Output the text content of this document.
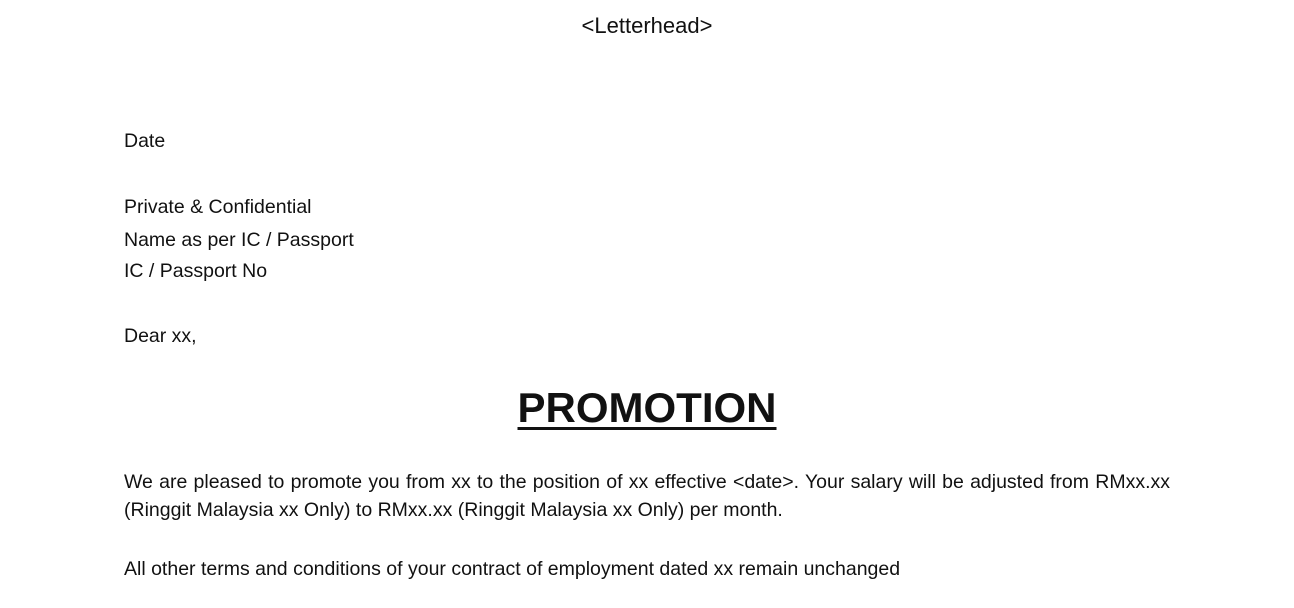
<Letterhead>
Date
Private & Confidential
Name as per IC / Passport
IC / Passport No
Dear xx,
PROMOTION
We are pleased to promote you from xx to the position of xx effective <date>. Your salary will be adjusted from RMxx.xx (Ringgit Malaysia xx Only) to RMxx.xx (Ringgit Malaysia xx Only) per month.
All other terms and conditions of your contract of employment dated xx remain unchanged
